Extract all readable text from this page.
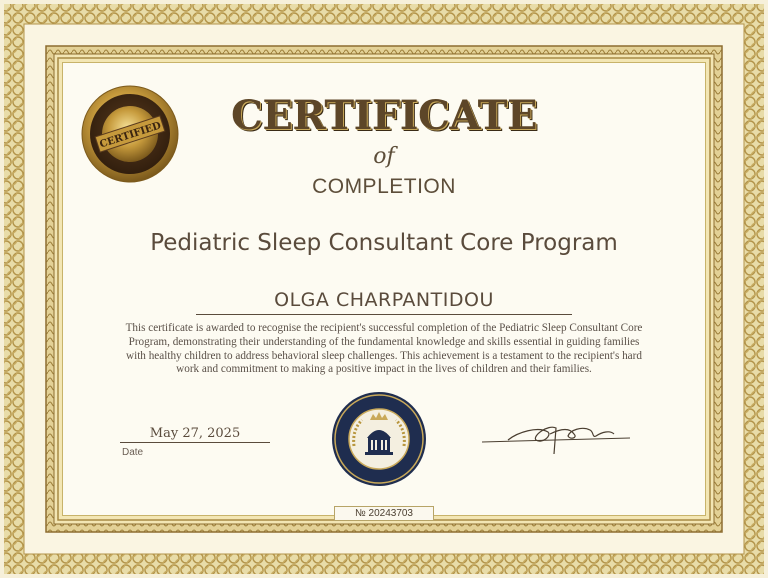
CERTIFIED	CERTIFICATE
of
COMPLETION
Pediatric Sleep Consultant Core Program
OLGA CHARPANTIDOU
This certificate is awarded to recognise the recipient's successful completion of the Pediatric Sleep Consultant Core Program, demonstrating their understanding of the fundamental knowledge and skills essential in guiding families with healthy children to address behavioral sleep challenges. This achievement is a testament to the recipient's hard work and commitment to making a positive impact in the lives of children and their families.
May 27, 2025
Date
№ 20243703
